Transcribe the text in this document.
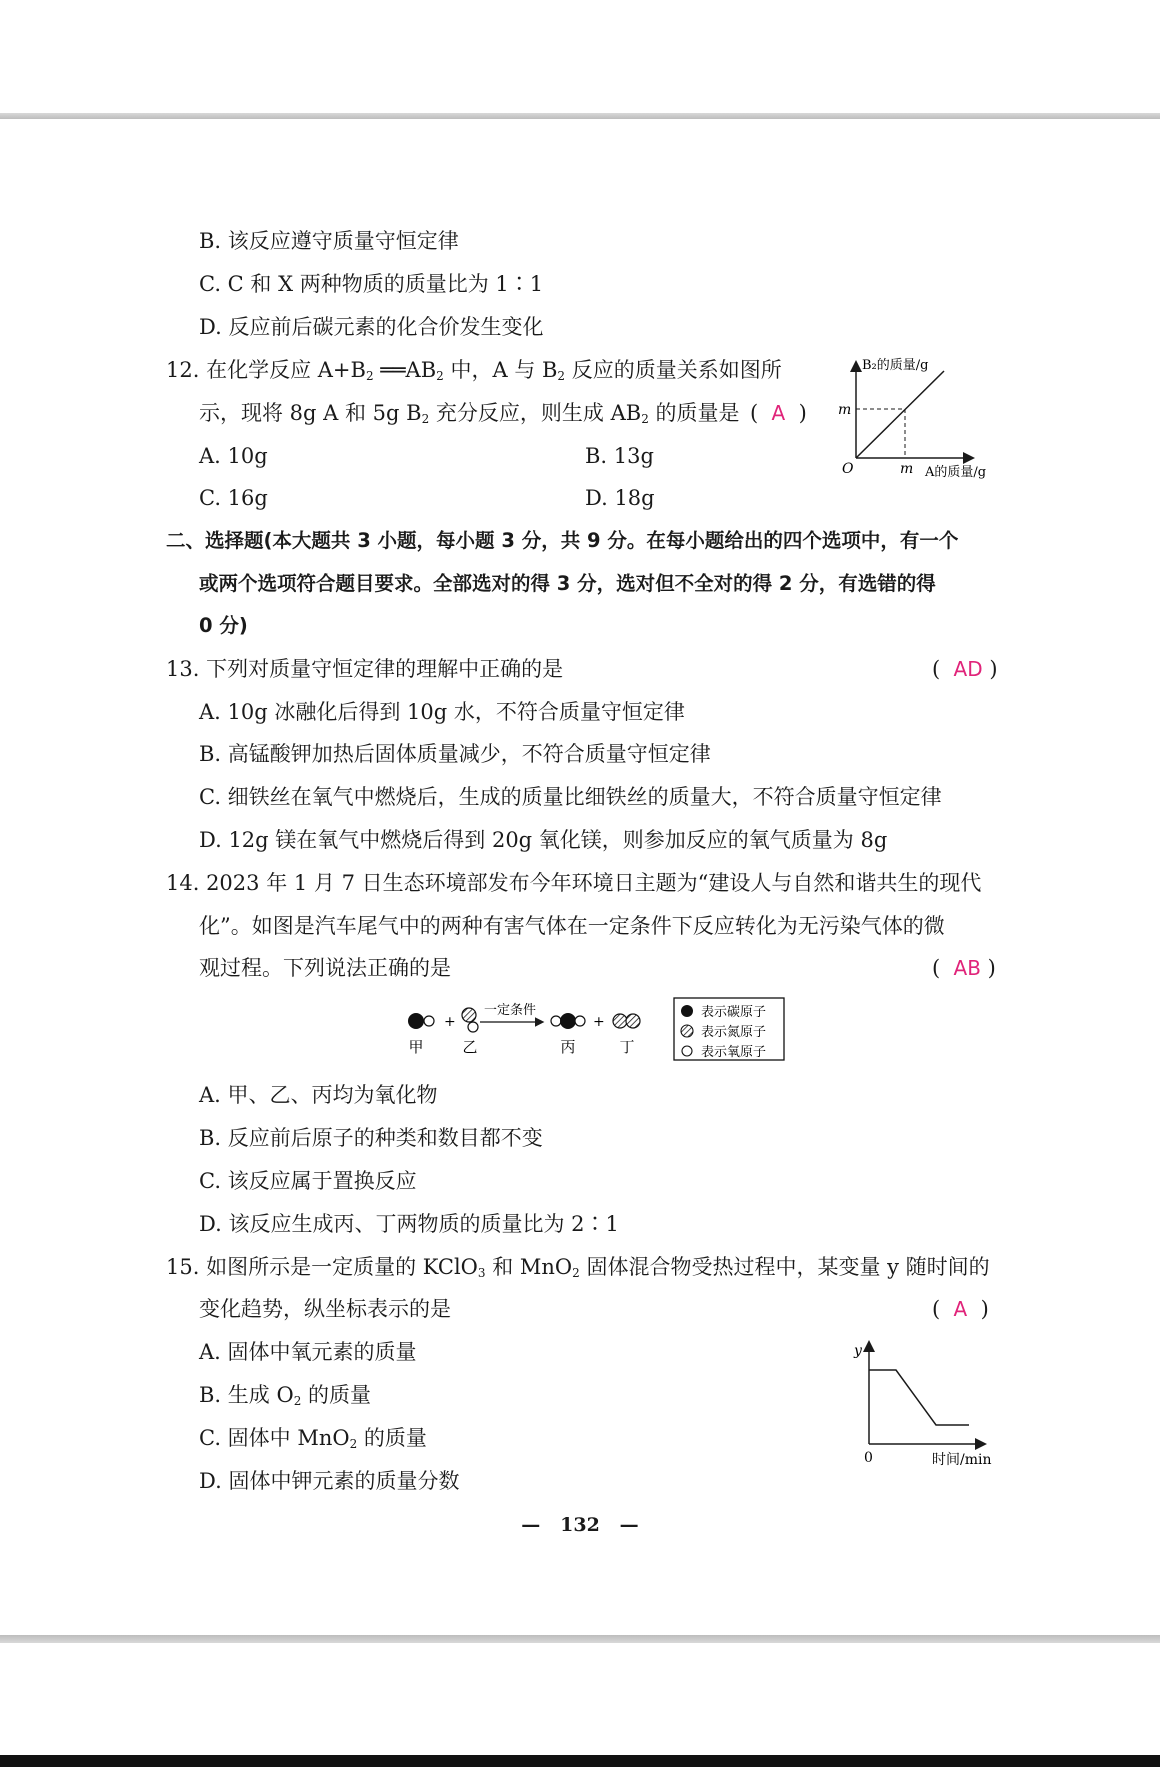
B. 该反应遵守质量守恒定律
C. C 和 X 两种物质的质量比为 1∶1
D. 反应前后碳元素的化合价发生变化
12. 在化学反应 $A+B_2$ $══AB_2$ 中，A 与 $B_2$ 反应的质量关系如图所
示，现将 8g A 和 5g $B_2$ 充分反应，则生成 $AB_2$ 的质量是 (  A  )
A. 10g	B. 13g
C. 16g	D. 18g
B₂的质量/g
A的质量/g
O
m
m
二、选择题(本大题共 3 小题，每小题 3 分，共 9 分。在每小题给出的四个选项中，有一个
或两个选项符合题目要求。全部选对的得 3 分，选对但不全对的得 2 分，有选错的得
0 分)
13. 下列对质量守恒定律的理解中正确的是	(  AD )
A. 10g 冰融化后得到 10g 水，不符合质量守恒定律
B. 高锰酸钾加热后固体质量减少，不符合质量守恒定律
C. 细铁丝在氧气中燃烧后，生成的质量比细铁丝的质量大，不符合质量守恒定律
D. 12g 镁在氧气中燃烧后得到 20g 氧化镁，则参加反应的氧气质量为 8g
14. 2023 年 1 月 7 日生态环境部发布今年环境日主题为“建设人与自然和谐共生的现代
化”。如图是汽车尾气中的两种有害气体在一定条件下反应转化为无污染气体的微
观过程。下列说法正确的是	(  AB )
+
一定条件
+
甲	乙	丙	丁
表示碳原子
表示氮原子
表示氧原子
A. 甲、乙、丙均为氧化物
B. 反应前后原子的种类和数目都不变
C. 该反应属于置换反应
D. 该反应生成丙、丁两物质的质量比为 2∶1
15. 如图所示是一定质量的 KClO$_3$ 和 MnO$_2$ 固体混合物受热过程中，某变量 y 随时间的
变化趋势，纵坐标表示的是	(  A  )
A. 固体中氧元素的质量
B. 生成 $O_2$ 的质量
C. 固体中 MnO$_2$ 的质量
D. 固体中钾元素的质量分数
y
0	时间/min
—   132   —
